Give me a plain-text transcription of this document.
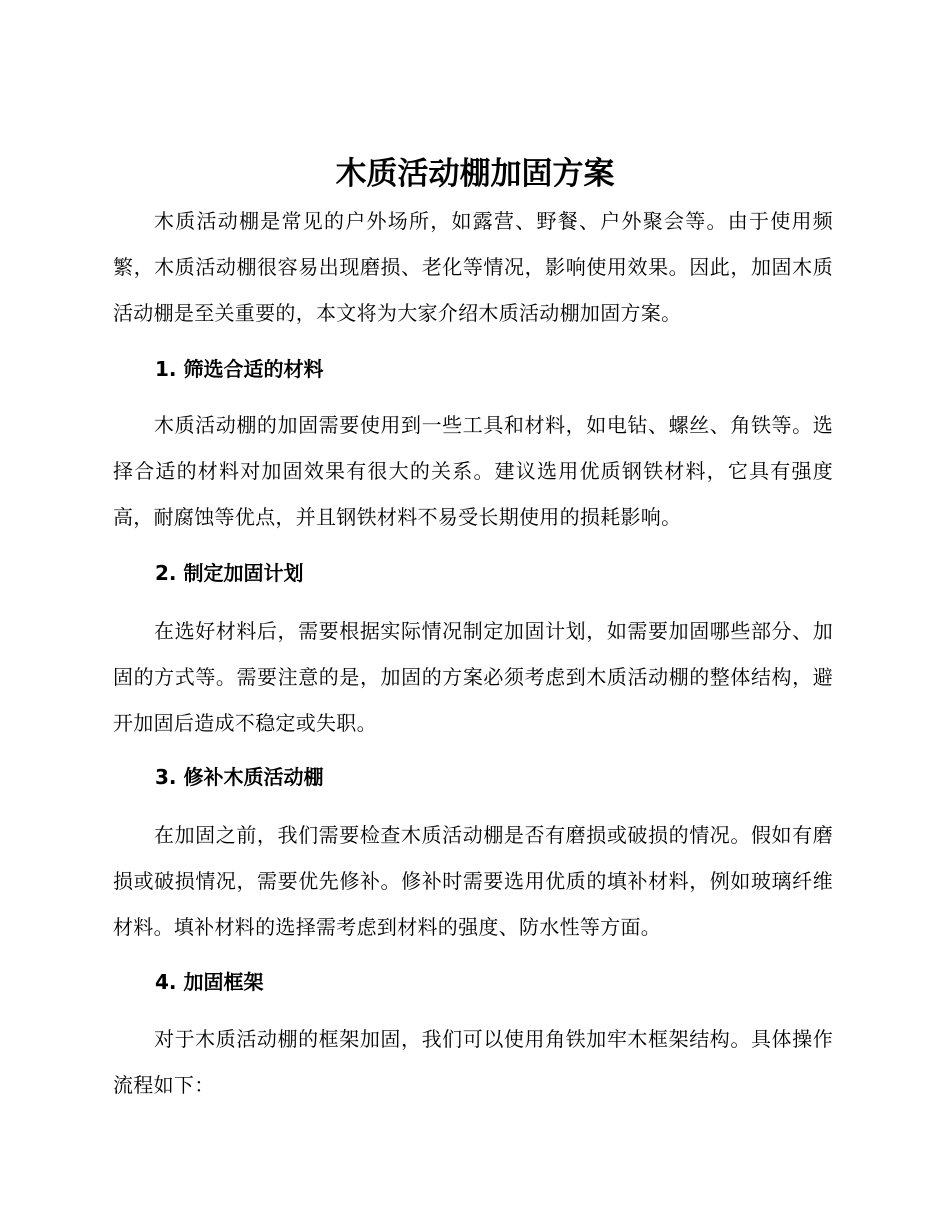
木质活动棚加固方案

木质活动棚是常见的户外场所，如露营、野餐、户外聚会等。由于使用频繁，木质活动棚很容易出现磨损、老化等情况，影响使用效果。因此，加固木质活动棚是至关重要的，本文将为大家介绍木质活动棚加固方案。

1. 筛选合适的材料

木质活动棚的加固需要使用到一些工具和材料，如电钻、螺丝、角铁等。选择合适的材料对加固效果有很大的关系。建议选用优质钢铁材料，它具有强度高，耐腐蚀等优点，并且钢铁材料不易受长期使用的损耗影响。

2. 制定加固计划

在选好材料后，需要根据实际情况制定加固计划，如需要加固哪些部分、加固的方式等。需要注意的是，加固的方案必须考虑到木质活动棚的整体结构，避开加固后造成不稳定或失职。

3. 修补木质活动棚

在加固之前，我们需要检查木质活动棚是否有磨损或破损的情况。假如有磨损或破损情况，需要优先修补。修补时需要选用优质的填补材料，例如玻璃纤维材料。填补材料的选择需考虑到材料的强度、防水性等方面。

4. 加固框架

对于木质活动棚的框架加固，我们可以使用角铁加牢木框架结构。具体操作流程如下：
